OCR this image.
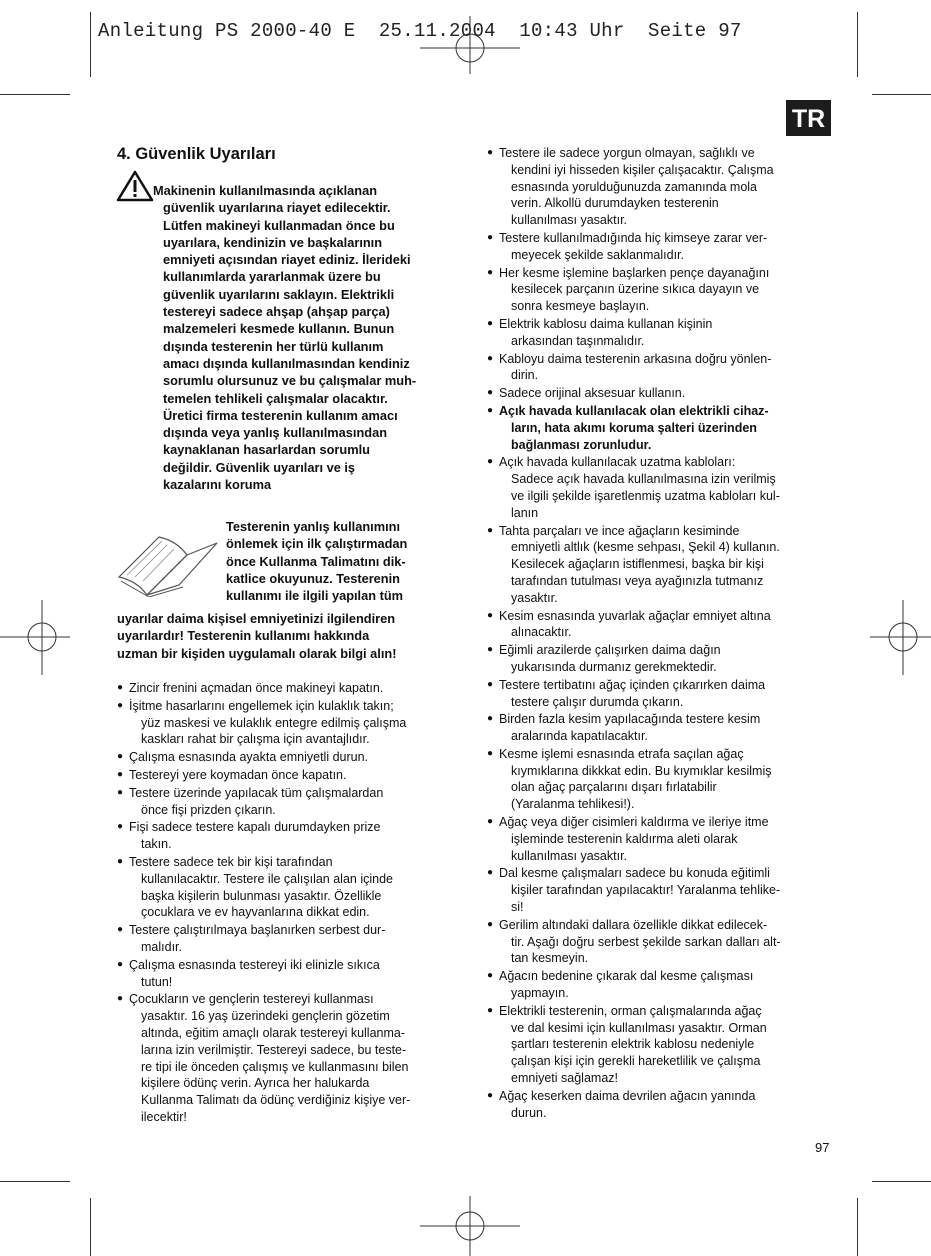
Anleitung PS 2000-40 E  25.11.2004  10:43 Uhr  Seite 97
TR
4. Güvenlik Uyarıları
Makinenin kullanılmasında açıklanan
güvenlik uyarılarına riayet edilecektir.
Lütfen makineyi kullanmadan önce bu
uyarılara, kendinizin ve başkalarının
emniyeti açısından riayet ediniz. İlerideki
kullanımlarda yararlanmak üzere bu
güvenlik uyarılarını saklayın. Elektrikli
testereyi sadece ahşap (ahşap parça)
malzemeleri kesmede kullanın. Bunun
dışında testerenin her türlü kullanım
amacı dışında kullanılmasından kendiniz
sorumlu olursunuz ve bu çalışmalar muh-
temelen tehlikeli çalışmalar olacaktır.
Üretici firma testerenin kullanım amacı
dışında veya yanlış kullanılmasından
kaynaklanan hasarlardan sorumlu
değildir. Güvenlik uyarıları ve iş
kazalarını koruma
Testerenin yanlış kullanımını
önlemek için ilk çalıştırmadan
önce Kullanma Talimatını dik-
katlice okuyunuz. Testerenin
kullanımı ile ilgili yapılan tüm
uyarılar daima kişisel emniyetinizi ilgilendiren
uyarılardır! Testerenin kullanımı hakkında
uzman bir kişiden uygulamalı olarak bilgi alın!
● Zincir frenini açmadan önce makineyi kapatın.
● İşitme hasarlarını engellemek için kulaklık takın;
yüz maskesi ve kulaklık entegre edilmiş çalışma
kaskları rahat bir çalışma için avantajlıdır.
● Çalışma esnasında ayakta emniyetli durun.
● Testereyi yere koymadan önce kapatın.
● Testere üzerinde yapılacak tüm çalışmalardan
önce fişi prizden çıkarın.
● Fişi sadece testere kapalı durumdayken prize
takın.
● Testere sadece tek bir kişi tarafından
kullanılacaktır. Testere ile çalışılan alan içinde
başka kişilerin bulunması yasaktır. Özellikle
çocuklara ve ev hayvanlarına dikkat edin.
● Testere çalıştırılmaya başlanırken serbest dur-
malıdır.
● Çalışma esnasında testereyi iki elinizle sıkıca
tutun!
● Çocukların ve gençlerin testereyi kullanması
yasaktır. 16 yaş üzerindeki gençlerin gözetim
altında, eğitim amaçlı olarak testereyi kullanma-
larına izin verilmiştir. Testereyi sadece, bu teste-
re tipi ile önceden çalışmış ve kullanmasını bilen
kişilere ödünç verin. Ayrıca her halukarda
Kullanma Talimatı da ödünç verdiğiniz kişiye ver-
ilecektir!
● Testere ile sadece yorgun olmayan, sağlıklı ve
kendini iyi hisseden kişiler çalışacaktır. Çalışma
esnasında yorulduğunuzda zamanında mola
verin. Alkollü durumdayken testerenin
kullanılması yasaktır.
● Testere kullanılmadığında hiç kimseye zarar ver-
meyecek şekilde saklanmalıdır.
● Her kesme işlemine başlarken pençe dayanağını
kesilecek parçanın üzerine sıkıca dayayın ve
sonra kesmeye başlayın.
● Elektrik kablosu daima kullanan kişinin
arkasından taşınmalıdır.
● Kabloyu daima testerenin arkasına doğru yönlen-
dirin.
● Sadece orijinal aksesuar kullanın.
● Açık havada kullanılacak olan elektrikli cihaz-
ların, hata akımı koruma şalteri üzerinden
bağlanması zorunludur.
● Açık havada kullanılacak uzatma kabloları:
Sadece açık havada kullanılmasına izin verilmiş
ve ilgili şekilde işaretlenmiş uzatma kabloları kul-
lanın
● Tahta parçaları ve ince ağaçların kesiminde
emniyetli altlık (kesme sehpası, Şekil 4) kullanın.
Kesilecek ağaçların istiflenmesi, başka bir kişi
tarafından tutulması veya ayağınızla tutmanız
yasaktır.
● Kesim esnasında yuvarlak ağaçlar emniyet altına
alınacaktır.
● Eğimli arazilerde çalışırken daima dağın
yukarısında durmanız gerekmektedir.
● Testere tertibatını ağaç içinden çıkarırken daima
testere çalışır durumda çıkarın.
● Birden fazla kesim yapılacağında testere kesim
aralarında kapatılacaktır.
● Kesme işlemi esnasında etrafa saçılan ağaç
kıymıklarına dikkkat edin. Bu kıymıklar kesilmiş
olan ağaç parçalarını dışarı fırlatabilir
(Yaralanma tehlikesi!).
● Ağaç veya diğer cisimleri kaldırma ve ileriye itme
işleminde testerenin kaldırma aleti olarak
kullanılması yasaktır.
● Dal kesme çalışmaları sadece bu konuda eğitimli
kişiler tarafından yapılacaktır! Yaralanma tehlike-
si!
● Gerilim altındaki dallara özellikle dikkat edilecek-
tir. Aşağı doğru serbest şekilde sarkan dalları alt-
tan kesmeyin.
● Ağacın bedenine çıkarak dal kesme çalışması
yapmayın.
● Elektrikli testerenin, orman çalışmalarında ağaç
ve dal kesimi için kullanılması yasaktır. Orman
şartları testerenin elektrik kablosu nedeniyle
çalışan kişi için gerekli hareketlilik ve çalışma
emniyeti sağlamaz!
● Ağaç keserken daima devrilen ağacın yanında
durun.
97
